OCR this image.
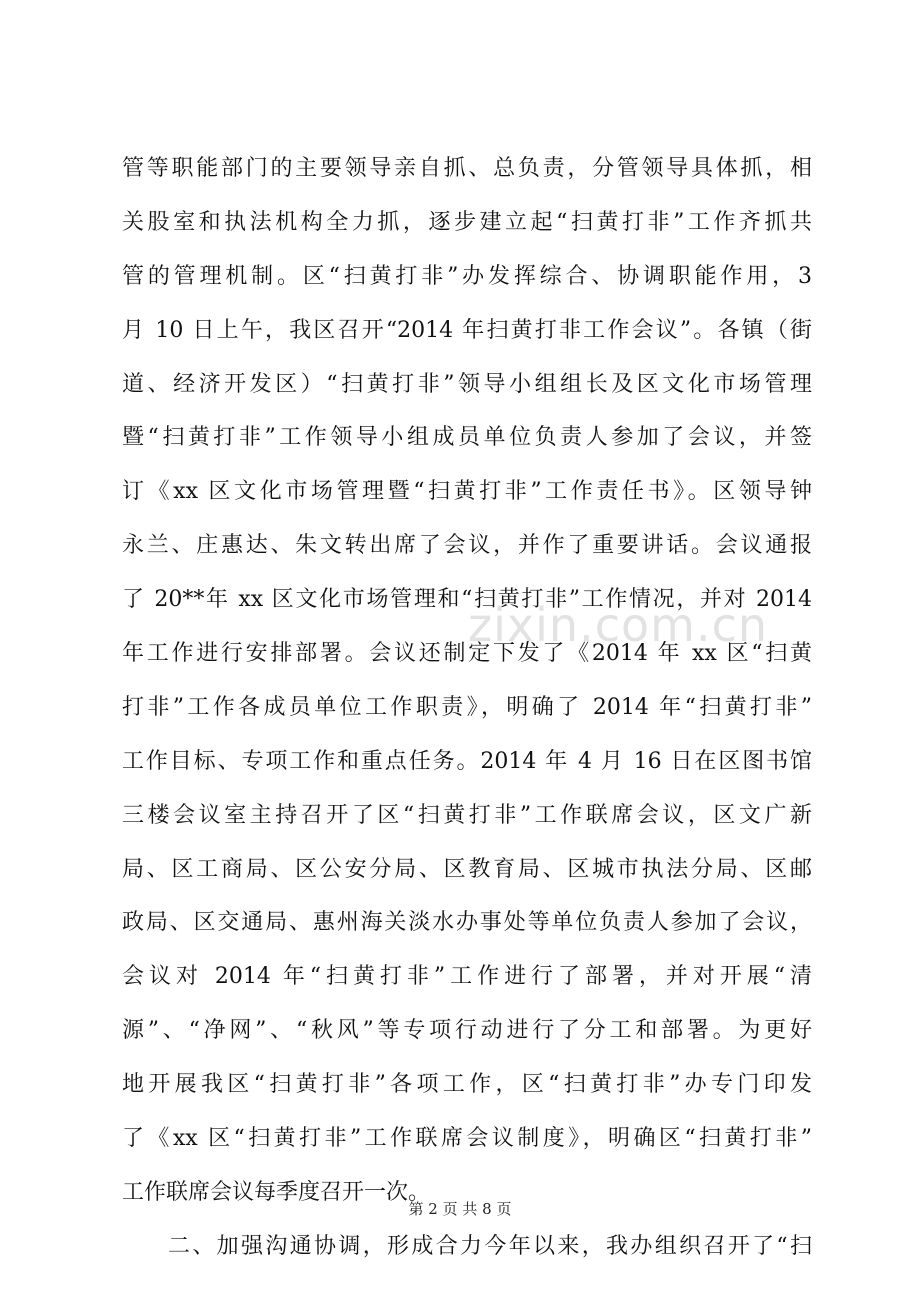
管等职能部门的主要领导亲自抓、总负责，分管领导具体抓，相
关股室和执法机构全力抓，逐步建立起“扫黄打非”工作齐抓共
管的管理机制。区“扫黄打非”办发挥综合、协调职能作用，3
月 10 日上午，我区召开“2014 年扫黄打非工作会议”。各镇（街
道、经济开发区）“扫黄打非”领导小组组长及区文化市场管理
暨“扫黄打非”工作领导小组成员单位负责人参加了会议，并签
订《xx 区文化市场管理暨“扫黄打非”工作责任书》。区领导钟
永兰、庄惠达、朱文转出席了会议，并作了重要讲话。会议通报
了 20**年 xx 区文化市场管理和“扫黄打非”工作情况，并对 2014
年工作进行安排部署。会议还制定下发了《2014 年 xx 区“扫黄
打非”工作各成员单位工作职责》，明确了 2014 年“扫黄打非”
工作目标、专项工作和重点任务。2014 年 4 月 16 日在区图书馆
三楼会议室主持召开了区“扫黄打非”工作联席会议，区文广新
局、区工商局、区公安分局、区教育局、区城市执法分局、区邮
政局、区交通局、惠州海关淡水办事处等单位负责人参加了会议，
会议对 2014 年“扫黄打非”工作进行了部署，并对开展“清
源”、“净网”、“秋风”等专项行动进行了分工和部署。为更好
地开展我区“扫黄打非”各项工作，区“扫黄打非”办专门印发
了《xx 区“扫黄打非”工作联席会议制度》，明确区“扫黄打非”
工作联席会议每季度召开一次。
二、加强沟通协调，形成合力今年以来，我办组织召开了“扫
zixin.com.cn
第 2 页 共 8 页
